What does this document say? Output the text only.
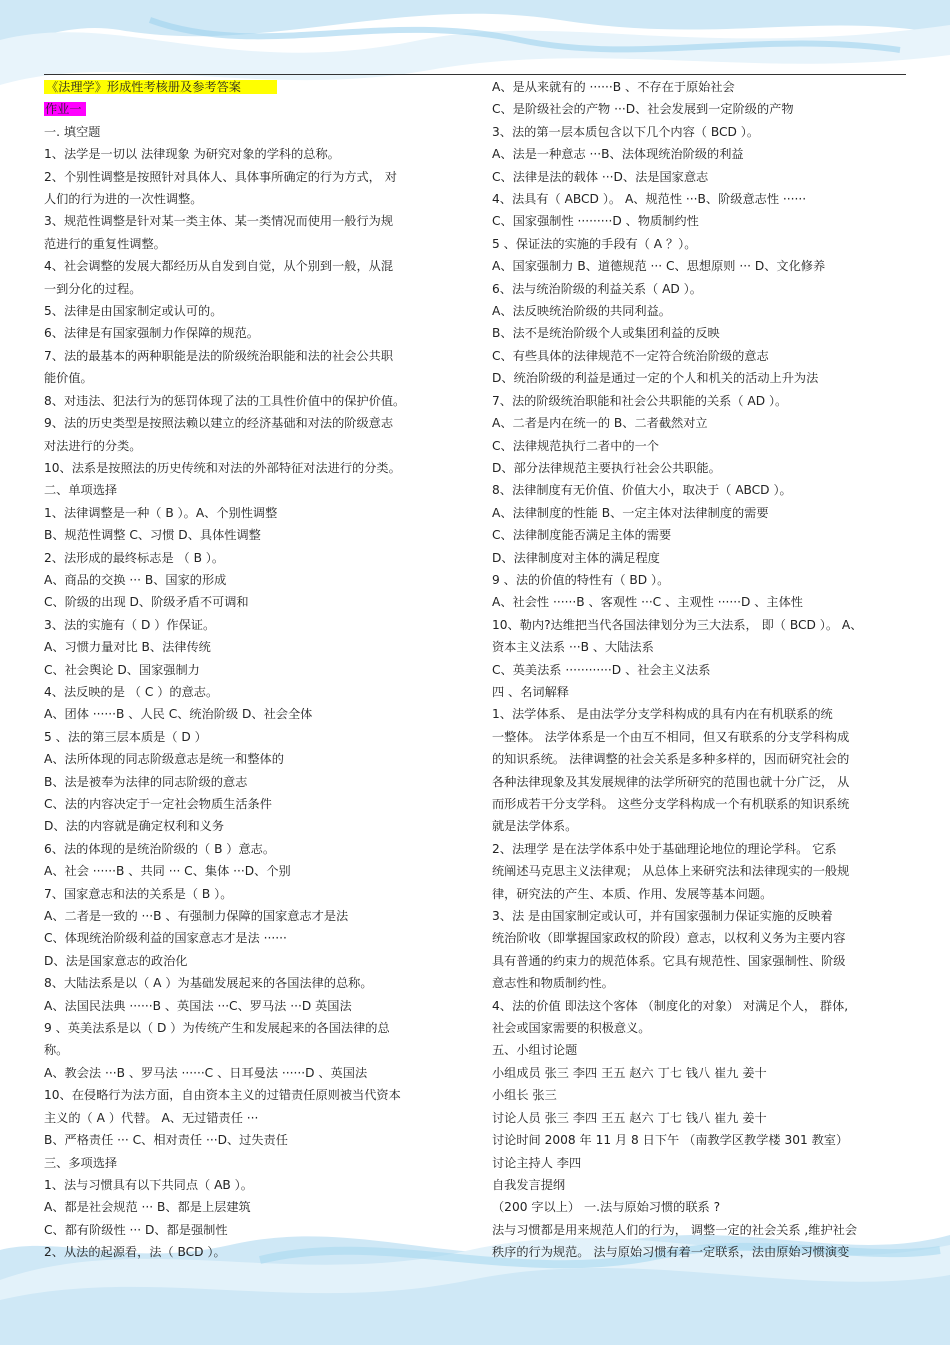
《法理学》形成性考核册及参考答案

作业一

一. 填空题

1、法学是一切以 法律现象 为研究对象的学科的总称。

2、个别性调整是按照针对具体人、具体事所确定的行为方式， 对

人们的行为进的一次性调整。

3、规范性调整是针对某一类主体、某一类情况而使用一般行为规

范进行的重复性调整。

4、社会调整的发展大都经历从自发到自觉，从个别到一般，从混

一到分化的过程。

5、法律是由国家制定或认可的。

6、法律是有国家强制力作保障的规范。

7、法的最基本的两种职能是法的阶级统治职能和法的社会公共职

能价值。

8、对违法、犯法行为的惩罚体现了法的工具性价值中的保护价值。

9、法的历史类型是按照法赖以建立的经济基础和对法的阶级意志

对法进行的分类。

10、法系是按照法的历史传统和对法的外部特征对法进行的分类。

二、单项选择

1、法律调整是一种（ B ）。A、个别性调整

B、规范性调整 C、习惯 D、具体性调整

2、法形成的最终标志是 （ B ）。

A、商品的交换 ··· B、国家的形成

C、阶级的出现 D、阶级矛盾不可调和

3、法的实施有（ D ）作保证。

A、习惯力量对比 B、法律传统

C、社会舆论 D、国家强制力

4、法反映的是 （ C ）的意志。

A、团体 ······B 、人民 C、统治阶级 D、社会全体

5 、法的第三层本质是（ D ）

A、法所体现的同志阶级意志是统一和整体的

B、法是被奉为法律的同志阶级的意志

C、法的内容决定于一定社会物质生活条件

D、法的内容就是确定权利和义务

6、法的体现的是统治阶级的（ B ）意志。

A、社会 ······B 、共同 ··· C、集体 ···D、个别

7、国家意志和法的关系是（ B ）。

A、二者是一致的 ···B 、有强制力保障的国家意志才是法

C、体现统治阶级利益的国家意志才是法 ······

D、法是国家意志的政治化

8、大陆法系是以（ A ）为基础发展起来的各国法律的总称。

A、法国民法典 ······B 、英国法 ···C、罗马法 ···D 英国法

9 、英美法系是以（ D ）为传统产生和发展起来的各国法律的总

称。

A、教会法 ···B 、罗马法 ······C 、日耳曼法 ······D 、英国法

10、在侵略行为法方面，自由资本主义的过错责任原则被当代资本

主义的（ A ）代替。 A、无过错责任 ···

B、严格责任 ··· C、相对责任 ···D、过失责任

三、多项选择

1、法与习惯具有以下共同点（ AB ）。

A、都是社会规范 ··· B、都是上层建筑

C、都有阶级性 ··· D、都是强制性

2、从法的起源看，法（ BCD ）。

A、是从来就有的 ······B 、不存在于原始社会

C、是阶级社会的产物 ···D、社会发展到一定阶级的产物

3、法的第一层本质包含以下几个内容（ BCD ）。

A、法是一种意志 ···B、法体现统治阶级的利益

C、法律是法的载体 ···D、法是国家意志

4、法具有（ ABCD ）。 A、规范性 ···B、阶级意志性 ······

C、国家强制性 ·········D 、物质制约性

5 、保证法的实施的手段有（ A ？）。

A、国家强制力 B、道德规范 ··· C、思想原则 ··· D、文化修养

6、法与统治阶级的利益关系（ AD ）。

A、法反映统治阶级的共同利益。

B、法不是统治阶级个人或集团利益的反映

C、有些具体的法律规范不一定符合统治阶级的意志

D、统治阶级的利益是通过一定的个人和机关的活动上升为法

7、法的阶级统治职能和社会公共职能的关系（ AD ）。

A、二者是内在统一的 B、二者截然对立

C、法律规范执行二者中的一个

D、部分法律规范主要执行社会公共职能。

8、法律制度有无价值、价值大小，取决于（ ABCD ）。

A、法律制度的性能 B、一定主体对法律制度的需要

C、法律制度能否满足主体的需要

D、法律制度对主体的满足程度

9 、法的价值的特性有（ BD ）。

A、社会性 ······B 、客观性 ···C 、主观性 ······D 、主体性

10、勒内?达维把当代各国法律划分为三大法系， 即（ BCD ）。 A、

资本主义法系 ···B 、大陆法系

C、英美法系 ············D 、社会主义法系

四 、名词解释

1、法学体系、 是由法学分支学科构成的具有内在有机联系的统

一整体。 法学体系是一个由互不相同，但又有联系的分支学科构成

的知识系统。 法律调整的社会关系是多种多样的，因而研究社会的

各种法律现象及其发展规律的法学所研究的范围也就十分广泛， 从

而形成若干分支学科。 这些分支学科构成一个有机联系的知识系统

就是法学体系。

2、法理学 是在法学体系中处于基础理论地位的理论学科。 它系

统阐述马克思主义法律观； 从总体上来研究法和法律现实的一般规

律，研究法的产生、本质、作用、发展等基本问题。

3、法 是由国家制定或认可，并有国家强制力保证实施的反映着

统治阶收（即掌握国家政权的阶段）意志，以权利义务为主要内容

具有普通的约束力的规范体系。它具有规范性、国家强制性、阶级

意志性和物质制约性。

4、法的价值 即法这个客体 （制度化的对象） 对满足个人， 群体,

社会或国家需要的积极意义。

五、小组讨论题

小组成员 张三 李四 王五 赵六 丁七 钱八 崔九 姜十

小组长 张三

讨论人员 张三 李四 王五 赵六 丁七 钱八 崔九 姜十

讨论时间 2008 年 11 月 8 日下午 （南教学区教学楼 301 教室）

讨论主持人 李四

自我发言提纲

（200 字以上） 一.法与原始习惯的联系 ?

法与习惯都是用来规范人们的行为， 调整一定的社会关系 ,维护社会

秩序的行为规范。 法与原始习惯有着一定联系，法由原始习惯演变
